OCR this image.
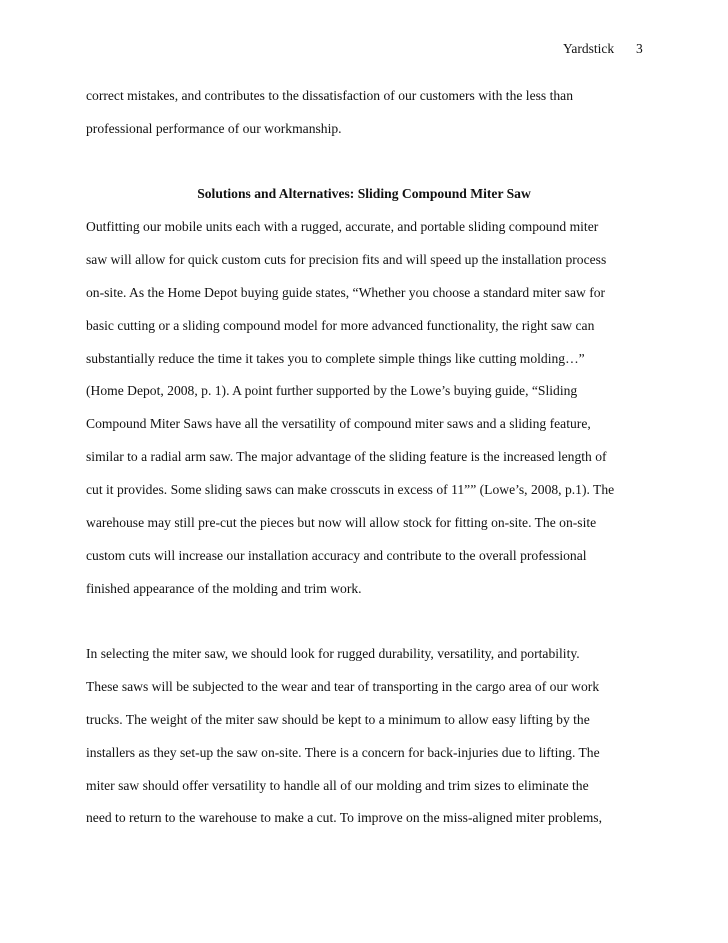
Yardstick 3
correct mistakes, and contributes to the dissatisfaction of our customers with the less than
professional performance of our workmanship.
Solutions and Alternatives: Sliding Compound Miter Saw
Outfitting our mobile units each with a rugged, accurate, and portable sliding compound miter
saw will allow for quick custom cuts for precision fits and will speed up the installation process
on-site. As the Home Depot buying guide states, “Whether you choose a standard miter saw for
basic cutting or a sliding compound model for more advanced functionality, the right saw can
substantially reduce the time it takes you to complete simple things like cutting molding…”
(Home Depot, 2008, p. 1). A point further supported by the Lowe’s buying guide, “Sliding
Compound Miter Saws have all the versatility of compound miter saws and a sliding feature,
similar to a radial arm saw. The major advantage of the sliding feature is the increased length of
cut it provides. Some sliding saws can make crosscuts in excess of 11”” (Lowe’s, 2008, p.1). The
warehouse may still pre-cut the pieces but now will allow stock for fitting on-site. The on-site
custom cuts will increase our installation accuracy and contribute to the overall professional
finished appearance of the molding and trim work.
In selecting the miter saw, we should look for rugged durability, versatility, and portability.
These saws will be subjected to the wear and tear of transporting in the cargo area of our work
trucks. The weight of the miter saw should be kept to a minimum to allow easy lifting by the
installers as they set-up the saw on-site. There is a concern for back-injuries due to lifting. The
miter saw should offer versatility to handle all of our molding and trim sizes to eliminate the
need to return to the warehouse to make a cut. To improve on the miss-aligned miter problems,
